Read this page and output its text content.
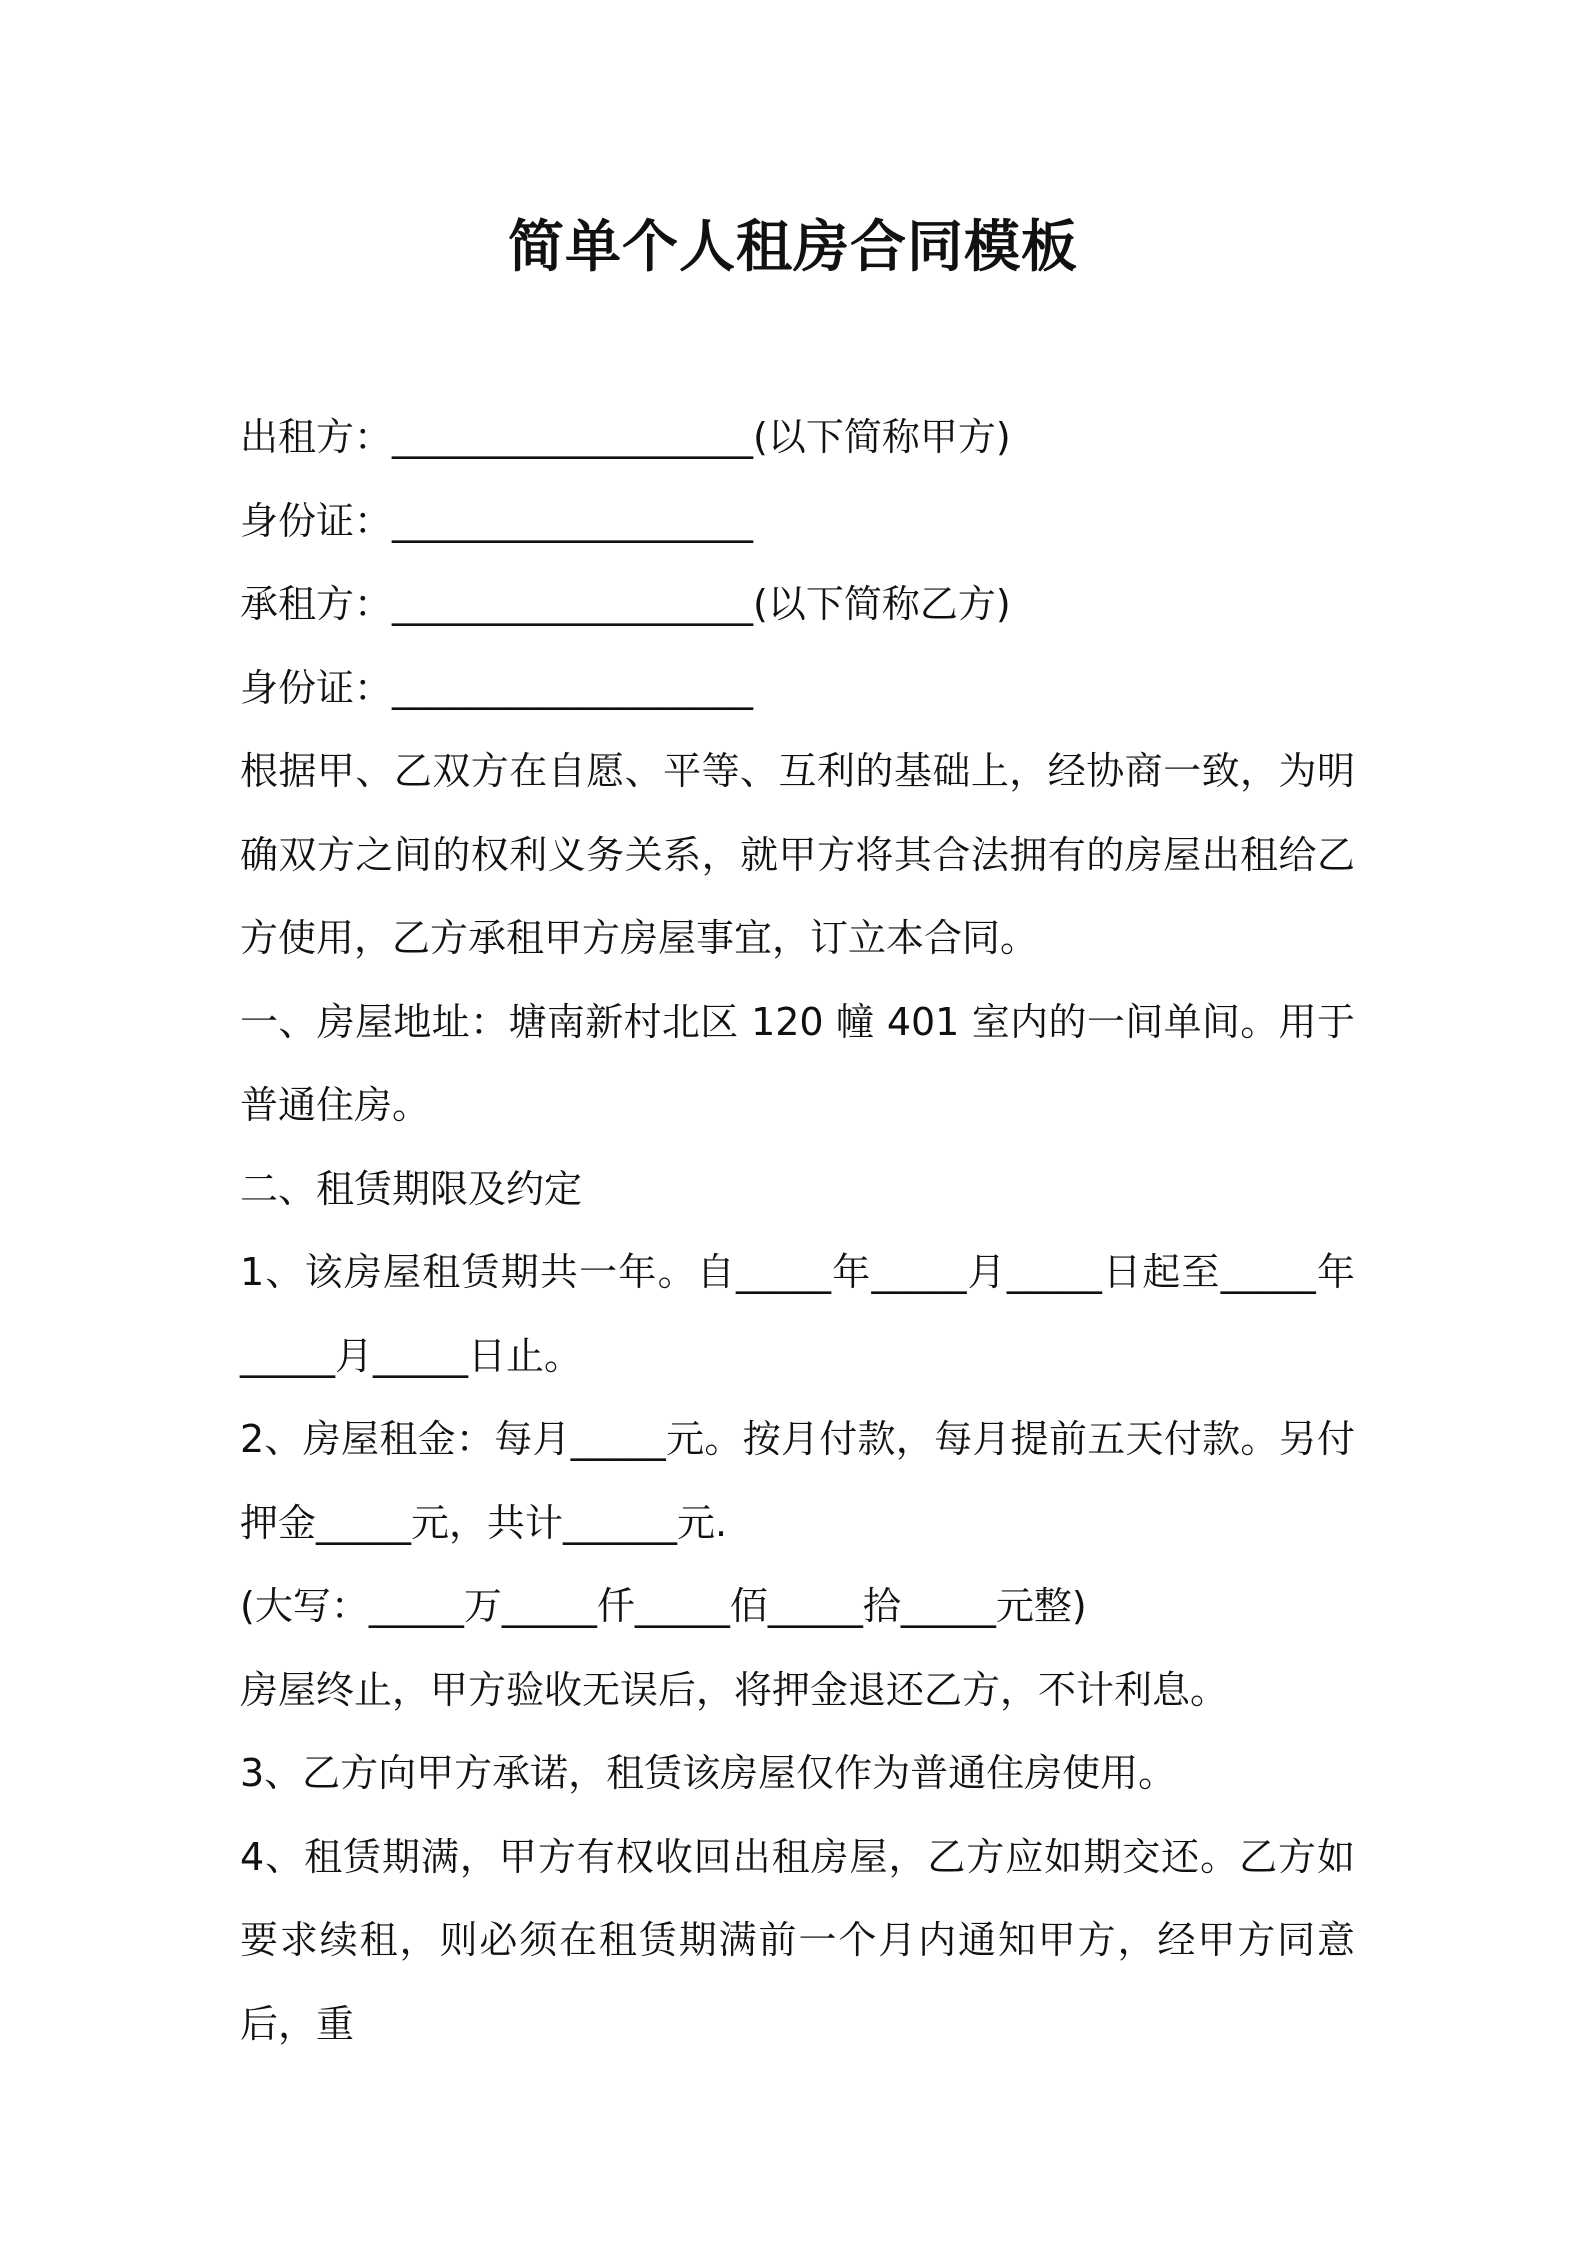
简单个人租房合同模板
出租方：___________________(以下简称甲方)
身份证：___________________
承租方：___________________(以下简称乙方)
身份证：___________________
根据甲、乙双方在自愿、平等、互利的基础上，经协商一致，为明确双方之间的权利义务关系，就甲方将其合法拥有的房屋出租给乙方使用，乙方承租甲方房屋事宜，订立本合同。
一、房屋地址：塘南新村北区 120 幢 401 室内的一间单间。用于普通住房。
二、租赁期限及约定
1、该房屋租赁期共一年。自_____年_____月_____日起至_____年_____月_____日止。
2、房屋租金：每月_____元。按月付款，每月提前五天付款。另付押金_____元，共计______元.
(大写：_____万_____仟_____佰_____拾_____元整)
房屋终止，甲方验收无误后，将押金退还乙方，不计利息。
3、乙方向甲方承诺，租赁该房屋仅作为普通住房使用。
4、租赁期满，甲方有权收回出租房屋，乙方应如期交还。乙方如要求续租，则必须在租赁期满前一个月内通知甲方，经甲方同意后，重
